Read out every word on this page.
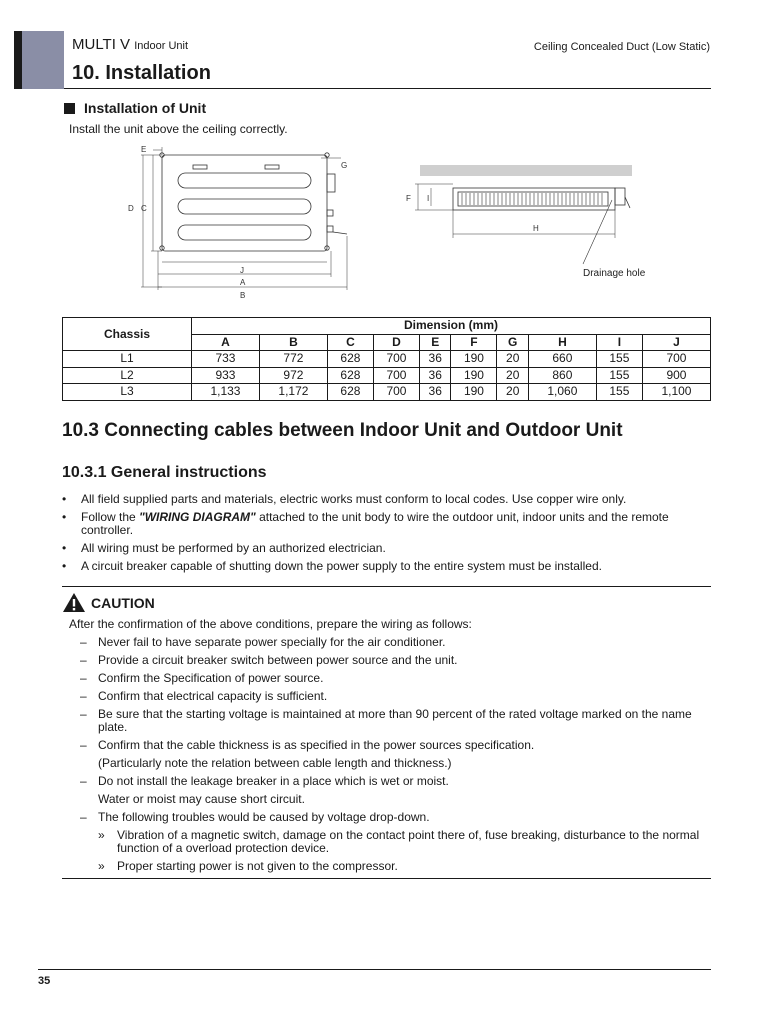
MULTI V Indoor Unit	Ceiling Concealed Duct (Low Static)
10. Installation
Installation of Unit
Install the unit above the ceiling correctly.
E
G
D C
J
A
B
F I
H
Drainage hole
Chassis	Dimension (mm)									
	A	B	C	D	E	F	G	H	I	J
L1	733	772	628	700	36	190	20	660	155	700
L2	933	972	628	700	36	190	20	860	155	900
L3	1,133	1,172	628	700	36	190	20	1,060	155	1,100
10.3 Connecting cables between Indoor Unit and Outdoor Unit
10.3.1 General instructions
• All field supplied parts and materials, electric works must conform to local codes. Use copper wire only.
• Follow the "WIRING DIAGRAM" attached to the unit body to wire the outdoor unit, indoor units and the remote controller.
• All wiring must be performed by an authorized electrician.
• A circuit breaker capable of shutting down the power supply to the entire system must be installed.
CAUTION
After the confirmation of the above conditions, prepare the wiring as follows:
– Never fail to have separate power specially for the air conditioner.
– Provide a circuit breaker switch between power source and the unit.
– Confirm the Specification of power source.
– Confirm that electrical capacity is sufficient.
– Be sure that the starting voltage is maintained at more than 90 percent of the rated voltage marked on the name plate.
– Confirm that the cable thickness is as specified in the power sources specification.
(Particularly note the relation between cable length and thickness.)
– Do not install the leakage breaker in a place which is wet or moist.
Water or moist may cause short circuit.
– The following troubles would be caused by voltage drop-down.
» Vibration of a magnetic switch, damage on the contact point there of, fuse breaking, disturbance to the normal function of a overload protection device.
» Proper starting power is not given to the compressor.
35
